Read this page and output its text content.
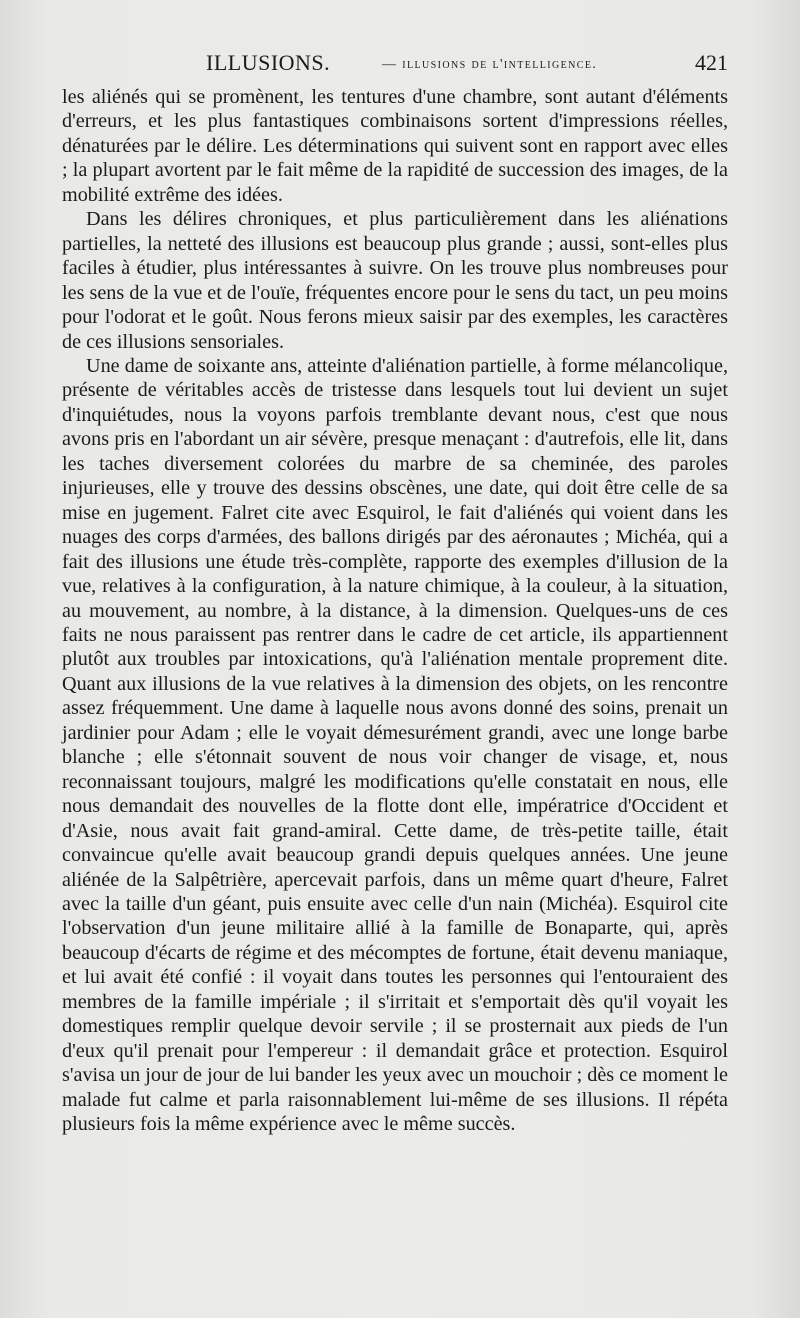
ILLUSIONS.	— illusions de l'intelligence.	421

les aliénés qui se promènent, les tentures d'une chambre, sont autant d'éléments d'erreurs, et les plus fantastiques combinaisons sortent d'impressions réelles, dénaturées par le délire. Les déterminations qui suivent sont en rapport avec elles ; la plupart avortent par le fait même de la rapidité de succession des images, de la mobilité extrême des idées.

Dans les délires chroniques, et plus particulièrement dans les aliénations partielles, la netteté des illusions est beaucoup plus grande ; aussi, sont-elles plus faciles à étudier, plus intéressantes à suivre. On les trouve plus nombreuses pour les sens de la vue et de l'ouïe, fréquentes encore pour le sens du tact, un peu moins pour l'odorat et le goût. Nous ferons mieux saisir par des exemples, les caractères de ces illusions sensoriales.

Une dame de soixante ans, atteinte d'aliénation partielle, à forme mélancolique, présente de véritables accès de tristesse dans lesquels tout lui devient un sujet d'inquiétudes, nous la voyons parfois tremblante devant nous, c'est que nous avons pris en l'abordant un air sévère, presque menaçant : d'autrefois, elle lit, dans les taches diversement colorées du marbre de sa cheminée, des paroles injurieuses, elle y trouve des dessins obscènes, une date, qui doit être celle de sa mise en jugement. Falret cite avec Esquirol, le fait d'aliénés qui voient dans les nuages des corps d'armées, des ballons dirigés par des aéronautes ; Michéa, qui a fait des illusions une étude très-complète, rapporte des exemples d'illusion de la vue, relatives à la configuration, à la nature chimique, à la couleur, à la situation, au mouvement, au nombre, à la distance, à la dimension. Quelques-uns de ces faits ne nous paraissent pas rentrer dans le cadre de cet article, ils appartiennent plutôt aux troubles par intoxications, qu'à l'aliénation mentale proprement dite. Quant aux illusions de la vue relatives à la dimension des objets, on les rencontre assez fréquemment. Une dame à laquelle nous avons donné des soins, prenait un jardinier pour Adam ; elle le voyait démesurément grandi, avec une longe barbe blanche ; elle s'étonnait souvent de nous voir changer de visage, et, nous reconnaissant toujours, malgré les modifications qu'elle constatait en nous, elle nous demandait des nouvelles de la flotte dont elle, impératrice d'Occident et d'Asie, nous avait fait grand-amiral. Cette dame, de très-petite taille, était convaincue qu'elle avait beaucoup grandi depuis quelques années. Une jeune aliénée de la Salpêtrière, apercevait parfois, dans un même quart d'heure, Falret avec la taille d'un géant, puis ensuite avec celle d'un nain (Michéa). Esquirol cite l'observation d'un jeune militaire allié à la famille de Bonaparte, qui, après beaucoup d'écarts de régime et des mécomptes de fortune, était devenu maniaque, et lui avait été confié : il voyait dans toutes les personnes qui l'entouraient des membres de la famille impériale ; il s'irritait et s'emportait dès qu'il voyait les domestiques remplir quelque devoir servile ; il se prosternait aux pieds de l'un d'eux qu'il prenait pour l'empereur : il demandait grâce et protection. Esquirol s'avisa un jour de jour de lui bander les yeux avec un mouchoir ; dès ce moment le malade fut calme et parla raisonnablement lui-même de ses illusions. Il répéta plusieurs fois la même expérience avec le même succès.
